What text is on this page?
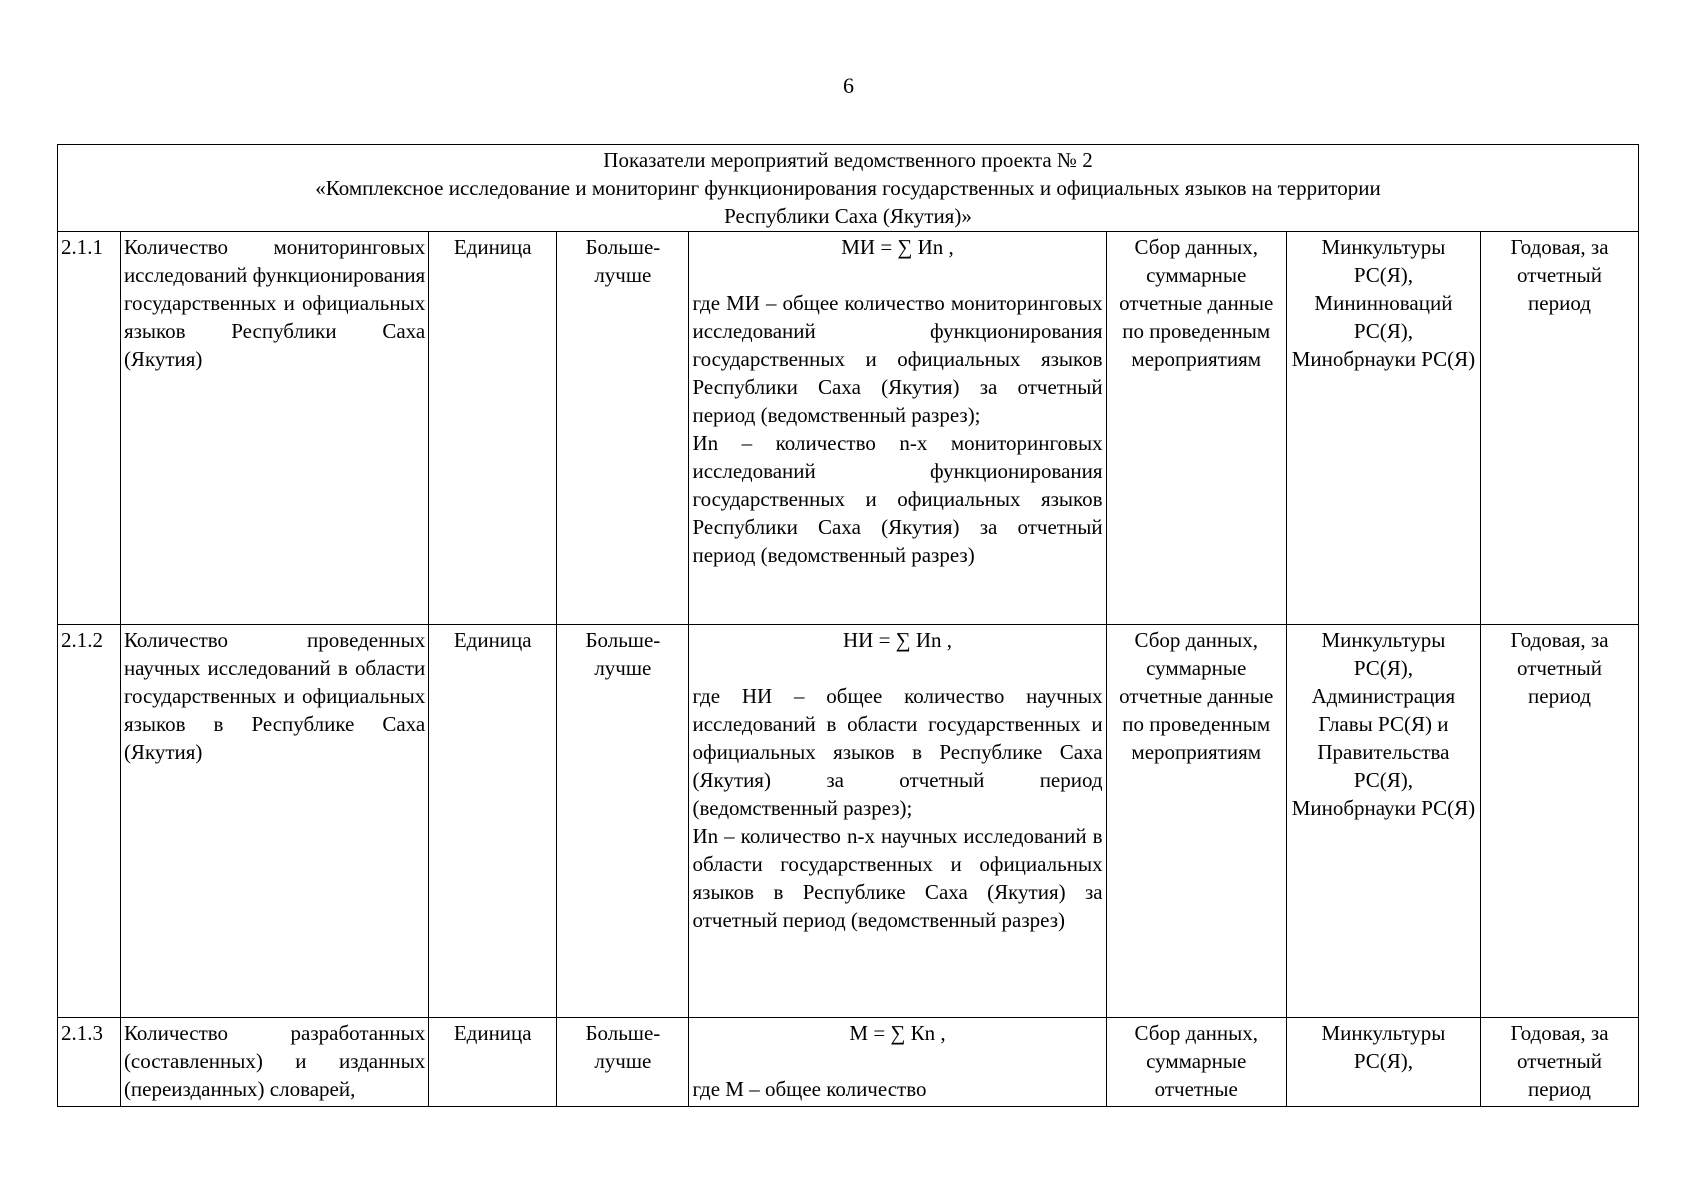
6
Показатели мероприятий ведомственного проекта № 2
«Комплексное исследование и мониторинг функционирования государственных и официальных языков на территории
Республики Саха (Якутия)»							

2.1.1	Количество мониторинговых исследований функционирования государственных и официальных языков Республики Саха (Якутия)	Единица	Больше-лучше	МИ = ∑ Иn ,
где МИ – общее количество мониторинговых исследований функционирования государственных и официальных языков Республики Саха (Якутия) за отчетный период (ведомственный разрез);
Иn – количество n-х мониторинговых исследований функционирования государственных и официальных языков Республики Саха (Якутия) за отчетный период (ведомственный разрез)	Сбор данных, суммарные отчетные данные по проведенным мероприятиям	Минкультуры РС(Я), Мининноваций РС(Я), Минобрнауки РС(Я)	Годовая, за отчетный период
2.1.2	Количество проведенных научных исследований в области государственных и официальных языков в Республике Саха (Якутия)	Единица	Больше-лучше	НИ = ∑ Иn ,
где НИ – общее количество научных исследований в области государственных и официальных языков в Республике Саха (Якутия) за отчетный период (ведомственный разрез);
Иn – количество n-х научных исследований в области государственных и официальных языков в Республике Саха (Якутия) за отчетный период (ведомственный разрез)	Сбор данных, суммарные отчетные данные по проведенным мероприятиям	Минкультуры РС(Я), Администрация Главы РС(Я) и Правительства РС(Я), Минобрнауки РС(Я)	Годовая, за отчетный период
2.1.3	Количество разработанных (составленных) и изданных (переизданных) словарей,	Единица	Больше-лучше	М = ∑ Кn ,
где М – общее количество	Сбор данных, суммарные отчетные	Минкультуры РС(Я),	Годовая, за отчетный период
